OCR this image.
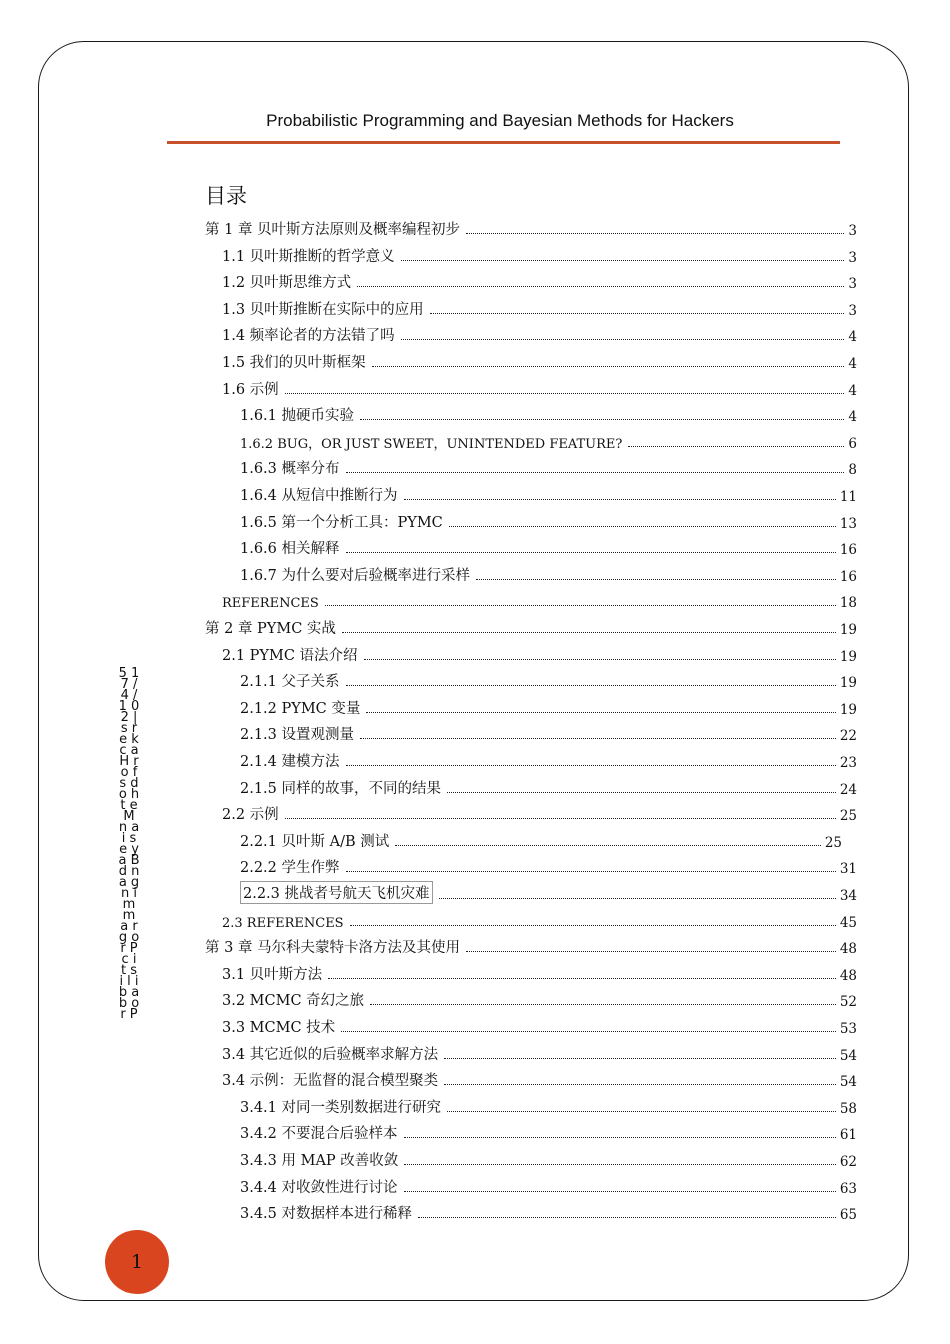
Probabilistic Programming and Bayesian Methods for Hackers
目录
第 1 章 贝叶斯方法原则及概率编程初步	3
1.1 贝叶斯推断的哲学意义	3
1.2 贝叶斯思维方式	3
1.3 贝叶斯推断在实际中的应用	3
1.4 频率论者的方法错了吗	4
1.5 我们的贝叶斯框架	4
1.6 示例	4
1.6.1 抛硬币实验	4
1.6.2 BUG，OR JUST SWEET，UNINTENDED FEATURE?	6
1.6.3 概率分布	8
1.6.4 从短信中推断行为	11
1.6.5 第一个分析工具：PYMC	13
1.6.6 相关解释	16
1.6.7 为什么要对后验概率进行采样	16
REFERENCES	18
第 2 章 PYMC 实战	19
2.1 PYMC 语法介绍	19
2.1.1 父子关系	19
2.1.2 PYMC 变量	19
2.1.3 设置观测量	22
2.1.4 建模方法	23
2.1.5 同样的故事，不同的结果	24
2.2 示例	25
2.2.1 贝叶斯 A/B 测试	25
2.2.2 学生作弊	31
2.2.3 挑战者号航天飞机灾难	34
2.3 REFERENCES	45
第 3 章 马尔科夫蒙特卡洛方法及其使用	48
3.1 贝叶斯方法	48
3.2 MCMC 奇幻之旅	52
3.3 MCMC 技术	53
3.4 其它近似的后验概率求解方法	54
3.4 示例：无监督的混合模型聚类	54
3.4.1 对同一类别数据进行研究	58
3.4.2 不要混合后验样本	61
3.4.3 用 MAP 改善收敛	62
3.4.4 对收敛性进行讨论	63
3.4.5 对数据样本进行稀释	65
5 1 7 / 4 / 1 0 2 | s r e k c a H r o f s d o h t e M n a i s e y a B d n a g n i m m a r g o r P c i t s i l i b a b o r P
1
